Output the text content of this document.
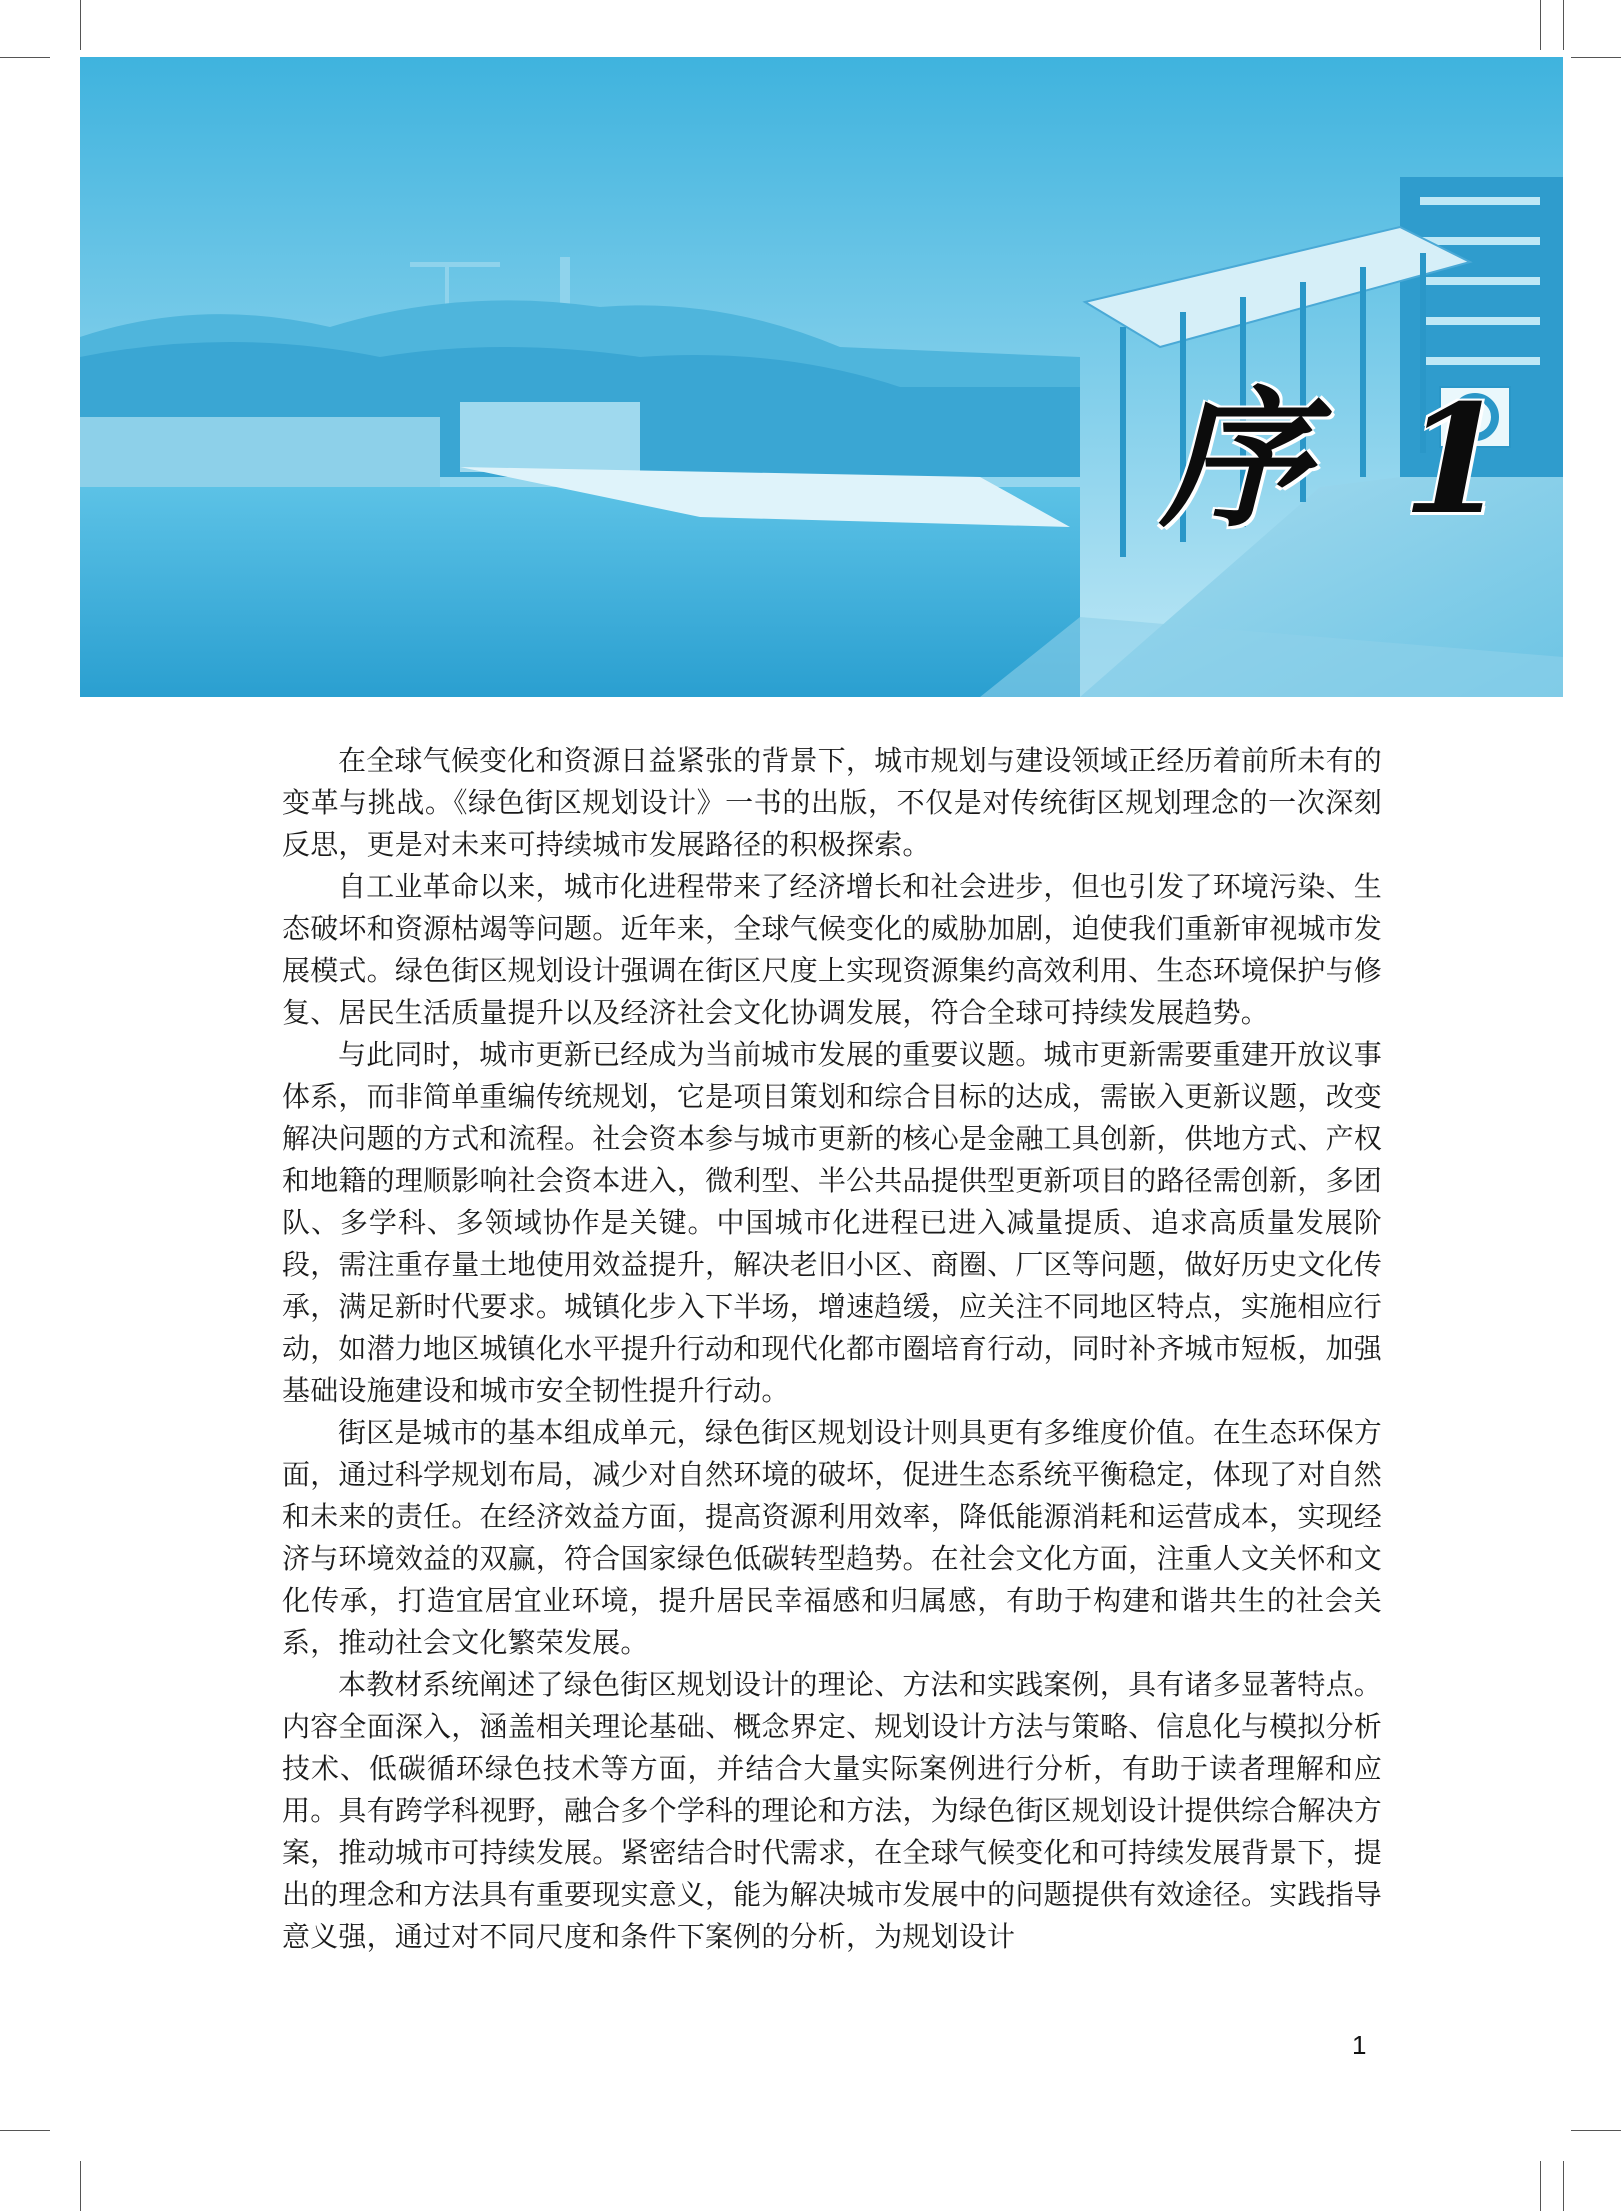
序 1

在全球气候变化和资源日益紧张的背景下，城市规划与建设领域正经历着前所未有的变革与挑战。《绿色街区规划设计》一书的出版，不仅是对传统街区规划理念的一次深刻反思，更是对未来可持续城市发展路径的积极探索。

自工业革命以来，城市化进程带来了经济增长和社会进步，但也引发了环境污染、生态破坏和资源枯竭等问题。近年来，全球气候变化的威胁加剧，迫使我们重新审视城市发展模式。绿色街区规划设计强调在街区尺度上实现资源集约高效利用、生态环境保护与修复、居民生活质量提升以及经济社会文化协调发展，符合全球可持续发展趋势。

与此同时，城市更新已经成为当前城市发展的重要议题。城市更新需要重建开放议事体系，而非简单重编传统规划，它是项目策划和综合目标的达成，需嵌入更新议题，改变解决问题的方式和流程。社会资本参与城市更新的核心是金融工具创新，供地方式、产权和地籍的理顺影响社会资本进入，微利型、半公共品提供型更新项目的路径需创新，多团队、多学科、多领域协作是关键。中国城市化进程已进入减量提质、追求高质量发展阶段，需注重存量土地使用效益提升，解决老旧小区、商圈、厂区等问题，做好历史文化传承，满足新时代要求。城镇化步入下半场，增速趋缓，应关注不同地区特点，实施相应行动，如潜力地区城镇化水平提升行动和现代化都市圈培育行动，同时补齐城市短板，加强基础设施建设和城市安全韧性提升行动。

街区是城市的基本组成单元，绿色街区规划设计则具更有多维度价值。在生态环保方面，通过科学规划布局，减少对自然环境的破坏，促进生态系统平衡稳定，体现了对自然和未来的责任。在经济效益方面，提高资源利用效率，降低能源消耗和运营成本，实现经济与环境效益的双赢，符合国家绿色低碳转型趋势。在社会文化方面，注重人文关怀和文化传承，打造宜居宜业环境，提升居民幸福感和归属感，有助于构建和谐共生的社会关系，推动社会文化繁荣发展。

本教材系统阐述了绿色街区规划设计的理论、方法和实践案例，具有诸多显著特点。内容全面深入，涵盖相关理论基础、概念界定、规划设计方法与策略、信息化与模拟分析技术、低碳循环绿色技术等方面，并结合大量实际案例进行分析，有助于读者理解和应用。具有跨学科视野，融合多个学科的理论和方法，为绿色街区规划设计提供综合解决方案，推动城市可持续发展。紧密结合时代需求，在全球气候变化和可持续发展背景下，提出的理念和方法具有重要现实意义，能为解决城市发展中的问题提供有效途径。实践指导意义强，通过对不同尺度和条件下案例的分析，为规划设计

1
